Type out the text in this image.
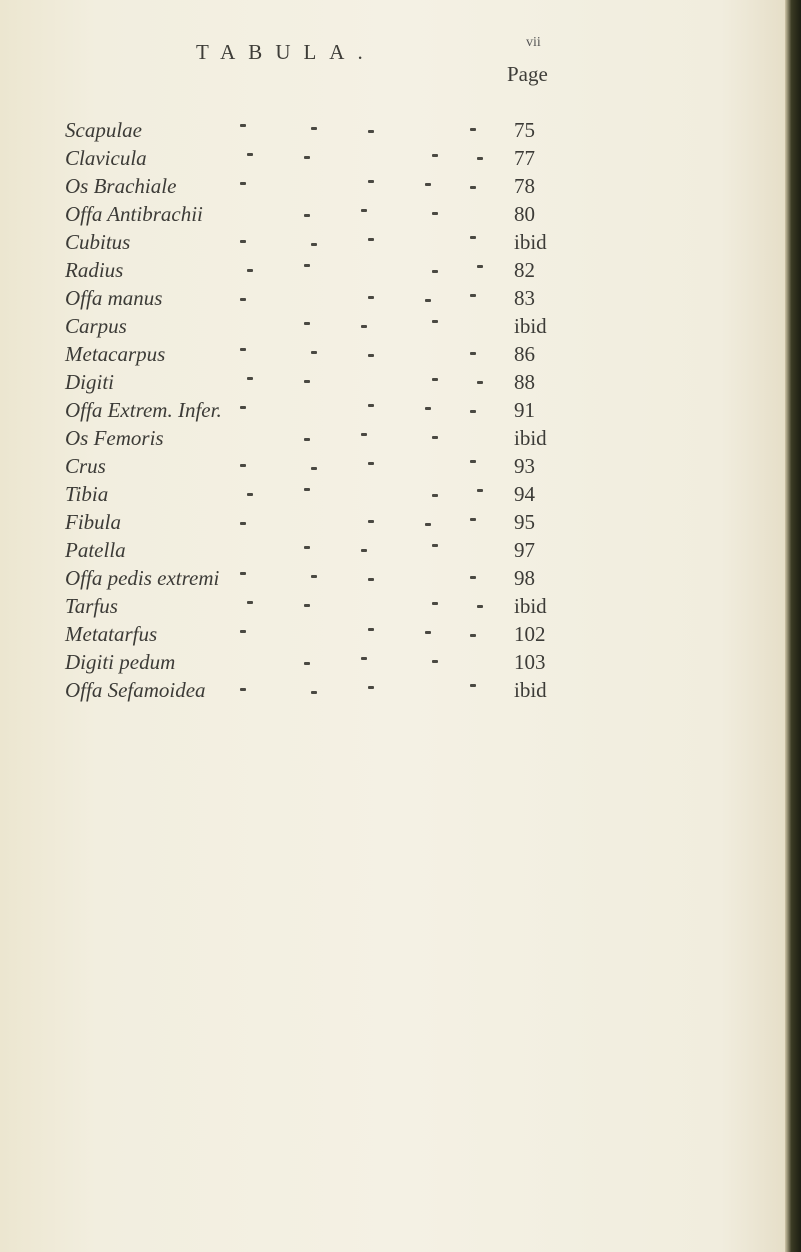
TABULA.	vii
Page
Scapulae	75
Clavicula	77
Os Brachiale	78
Offa Antibrachii	80
Cubitus	ibid
Radius	82
Offa manus	83
Carpus	ibid
Metacarpus	86
Digiti	88
Offa Extrem. Infer.	91
Os Femoris	ibid
Crus	93
Tibia	94
Fibula	95
Patella	97
Offa pedis extremi	98
Tarfus	ibid
Metatarfus	102
Digiti pedum	103
Offa Sefamoidea	ibid
